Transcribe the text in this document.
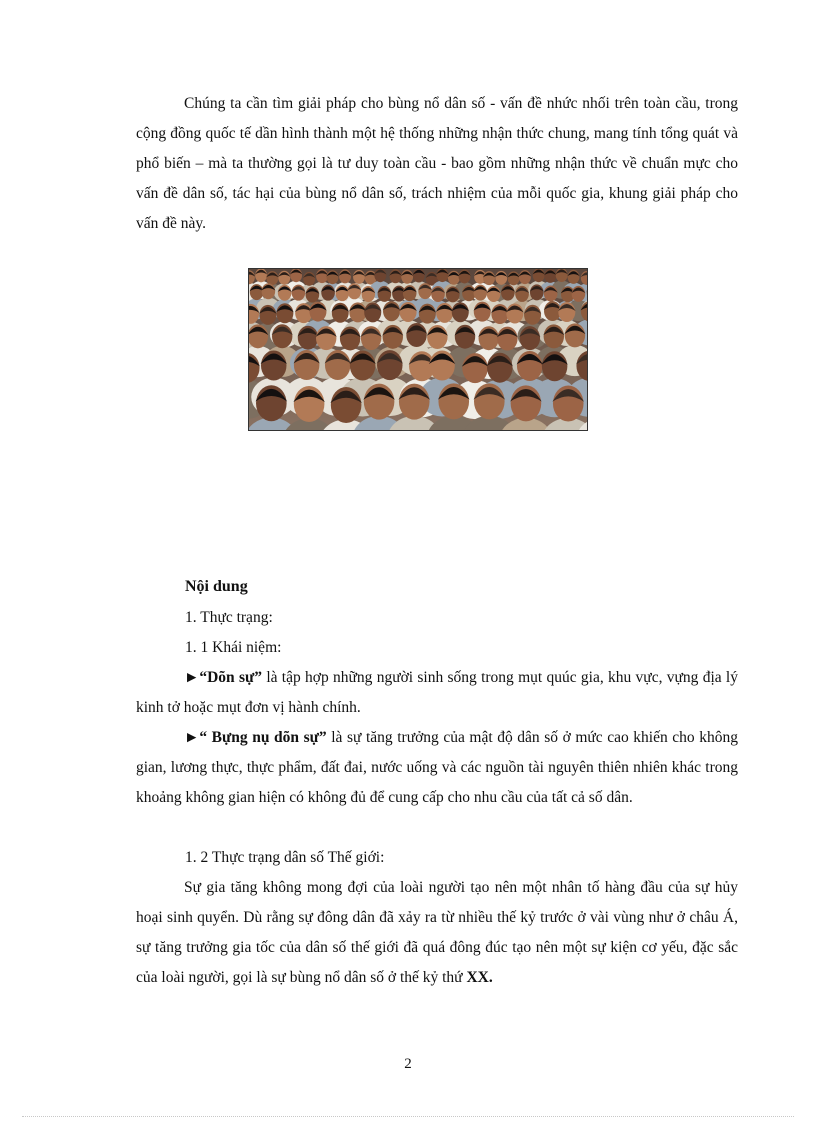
Chúng ta cần tìm giải pháp cho bùng nổ dân số - vấn đề nhức nhối trên toàn cầu, trong cộng đồng quốc tế dần hình thành một hệ thống những nhận thức chung, mang tính tổng quát và phổ biến – mà ta thường gọi là tư duy toàn cầu - bao gồm những nhận thức về chuẩn mực cho vấn đề dân số, tác hại của bùng nổ dân số, trách nhiệm của mỗi quốc gia, khung giải pháp cho vấn đề này.

Nội dung

1. Thực trạng:

1. 1 Khái niệm:

►“Dõn sự” là tập hợp những người sinh sống trong mụt quúc gia, khu vực, vựng địa lý kinh tở hoặc mụt đơn vị hành chính.

►“ Bựng nụ dõn sự” là sự tăng trưởng của mật độ dân số ở mức cao khiến cho không gian, lương thực, thực phẩm, đất đai, nước uống và các nguồn tài nguyên thiên nhiên khác trong khoảng không gian hiện có không đủ để cung cấp cho nhu cầu của tất cả số dân.

1. 2 Thực trạng dân số Thế giới:

Sự gia tăng không mong đợi của loài người tạo nên một nhân tố hàng đầu của sự hủy hoại sinh quyển. Dù rằng sự đông dân đã xảy ra từ nhiều thế kỷ trước ở vài vùng như ở châu Á, sự tăng trưởng gia tốc của dân số thế giới đã quá đông đúc tạo nên một sự kiện cơ yếu, đặc sắc của loài người, gọi là sự bùng nổ dân số ở thế kỷ thứ XX.

2
